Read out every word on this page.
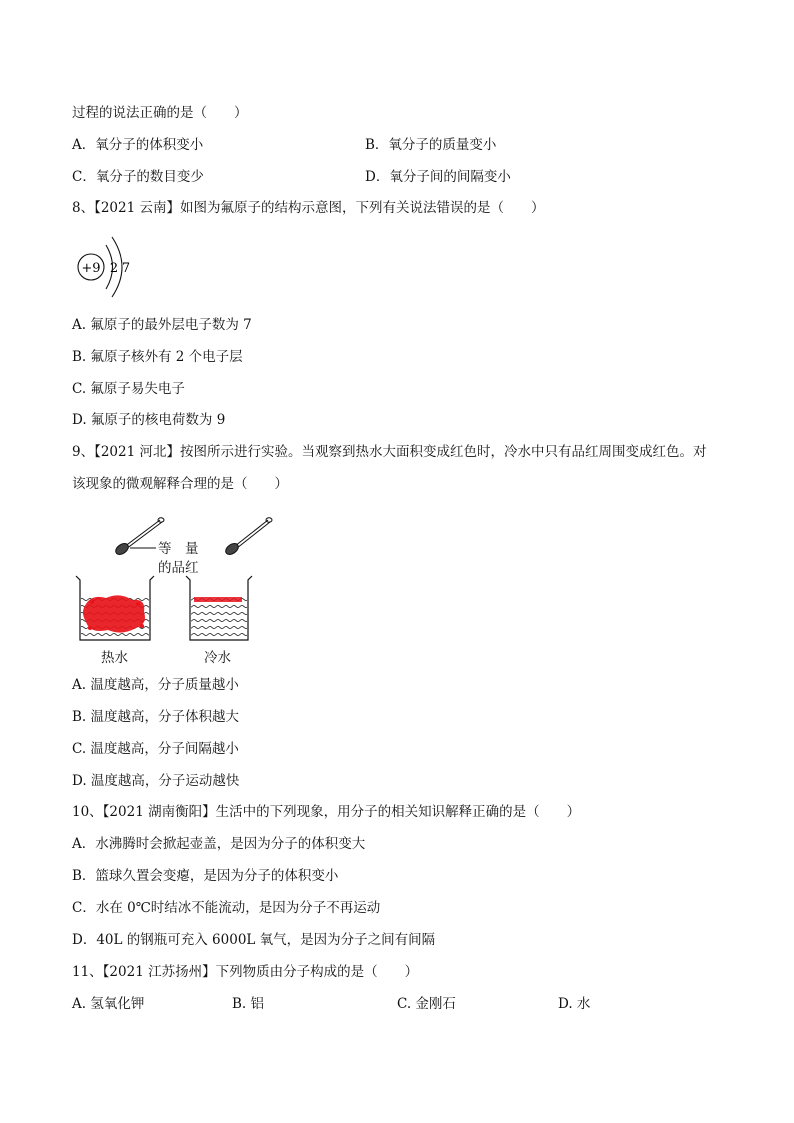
过程的说法正确的是（　　）
A．氧分子的体积变小	B．氧分子的质量变小
C．氧分子的数目变少	D．氧分子间的间隔变小
8、【2021 云南】如图为氟原子的结构示意图，下列有关说法错误的是（　　）
+9 2 7
A. 氟原子的最外层电子数为 7
B. 氟原子核外有 2 个电子层
C. 氟原子易失电子
D. 氟原子的核电荷数为 9
9、【2021 河北】按图所示进行实验。当观察到热水大面积变成红色时，冷水中只有品红周围变成红色。对
该现象的微观解释合理的是（　　）
等　量
的品红
热水	冷水
A. 温度越高，分子质量越小
B. 温度越高，分子体积越大
C. 温度越高，分子间隔越小
D. 温度越高，分子运动越快
10、【2021 湖南衡阳】生活中的下列现象，用分子的相关知识解释正确的是（　　）
A．水沸腾时会掀起壶盖，是因为分子的体积变大
B．篮球久置会变瘪，是因为分子的体积变小
C．水在 0℃时结冰不能流动，是因为分子不再运动
D．40L 的钢瓶可充入 6000L 氧气，是因为分子之间有间隔
11、【2021 江苏扬州】下列物质由分子构成的是（　　）
A. 氢氧化钾	B. 铝	C. 金刚石	D. 水
